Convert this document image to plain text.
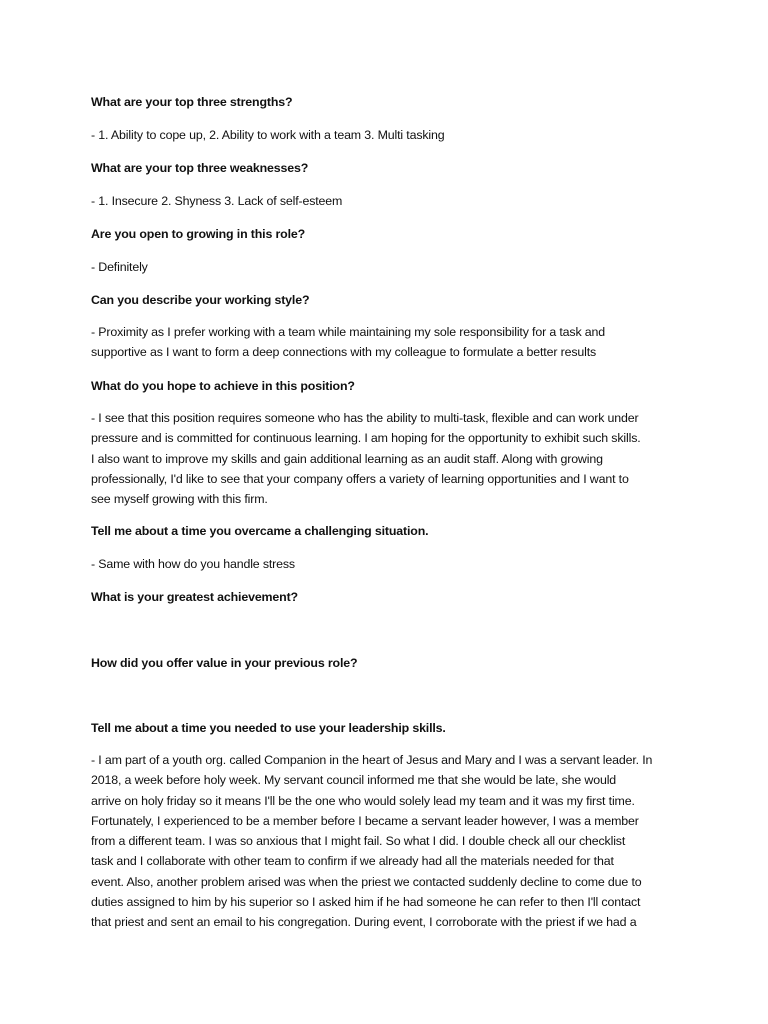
What are your top three strengths?
- 1. Ability to cope up, 2. Ability to work with a team 3. Multi tasking
What are your top three weaknesses?
- 1. Insecure 2. Shyness 3. Lack of self-esteem
Are you open to growing in this role?
- Definitely
Can you describe your working style?
- Proximity as I prefer working with a team while maintaining my sole responsibility for a task and
supportive as I want to form a deep connections with my colleague to formulate a better results
What do you hope to achieve in this position?
- I see that this position requires someone who has the ability to multi-task, flexible and can work under
pressure and is committed for continuous learning. I am hoping for the opportunity to exhibit such skills.
I also want to improve my skills and gain additional learning as an audit staff. Along with growing
professionally, I'd like to see that your company offers a variety of learning opportunities and I want to
see myself growing with this firm.
Tell me about a time you overcame a challenging situation.
- Same with how do you handle stress
What is your greatest achievement?
How did you offer value in your previous role?
Tell me about a time you needed to use your leadership skills.
- I am part of a youth org. called Companion in the heart of Jesus and Mary and I was a servant leader. In
2018, a week before holy week. My servant council informed me that she would be late, she would
arrive on holy friday so it means I'll be the one who would solely lead my team and it was my first time.
Fortunately, I experienced to be a member before I became a servant leader however, I was a member
from a different team. I was so anxious that I might fail. So what I did. I double check all our checklist
task and I collaborate with other team to confirm if we already had all the materials needed for that
event. Also, another problem arised was when the priest we contacted suddenly decline to come due to
duties assigned to him by his superior so I asked him if he had someone he can refer to then I'll contact
that priest and sent an email to his congregation. During event, I corroborate with the priest if we had a
